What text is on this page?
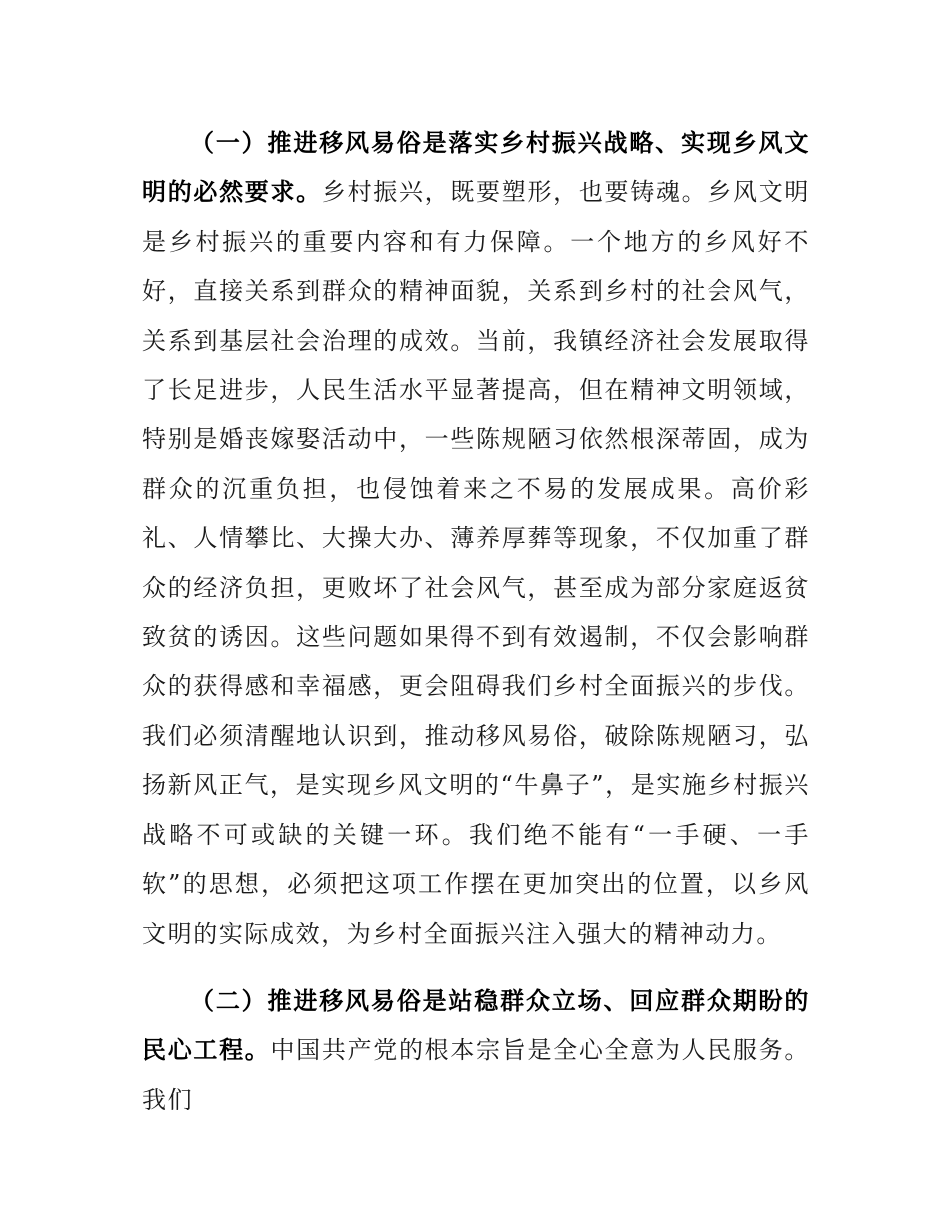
（一）推进移风易俗是落实乡村振兴战略、实现乡风文明的必然要求。乡村振兴，既要塑形，也要铸魂。乡风文明是乡村振兴的重要内容和有力保障。一个地方的乡风好不好，直接关系到群众的精神面貌，关系到乡村的社会风气，关系到基层社会治理的成效。当前，我镇经济社会发展取得了长足进步，人民生活水平显著提高，但在精神文明领域，特别是婚丧嫁娶活动中，一些陈规陋习依然根深蒂固，成为群众的沉重负担，也侵蚀着来之不易的发展成果。高价彩礼、人情攀比、大操大办、薄养厚葬等现象，不仅加重了群众的经济负担，更败坏了社会风气，甚至成为部分家庭返贫致贫的诱因。这些问题如果得不到有效遏制，不仅会影响群众的获得感和幸福感，更会阻碍我们乡村全面振兴的步伐。我们必须清醒地认识到，推动移风易俗，破除陈规陋习，弘扬新风正气，是实现乡风文明的“牛鼻子”，是实施乡村振兴战略不可或缺的关键一环。我们绝不能有“一手硬、一手软”的思想，必须把这项工作摆在更加突出的位置，以乡风文明的实际成效，为乡村全面振兴注入强大的精神动力。

（二）推进移风易俗是站稳群众立场、回应群众期盼的民心工程。中国共产党的根本宗旨是全心全意为人民服务。我们
